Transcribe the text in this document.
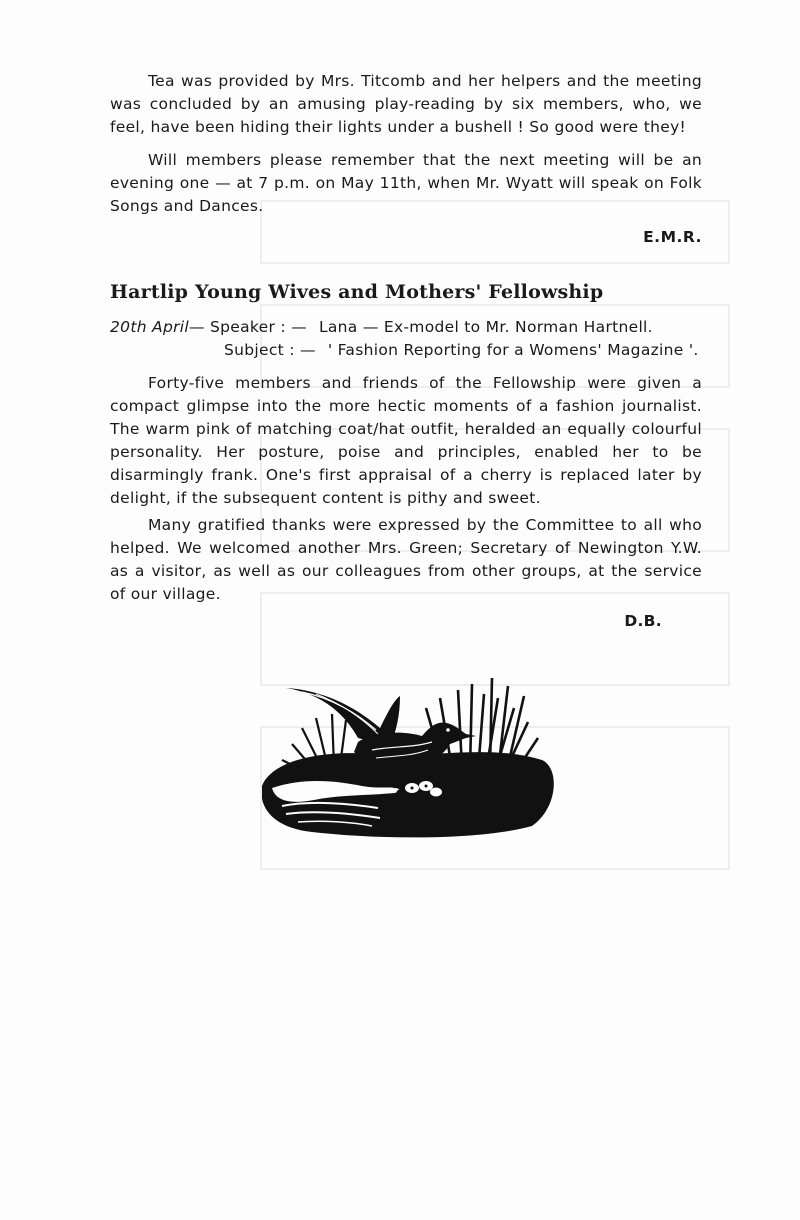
Tea was provided by Mrs. Titcomb and her helpers and the meeting was concluded by an amusing play-reading by six members, who, we feel, have been hiding their lights under a bushell ! So good were they!

Will members please remember that the next meeting will be an evening one — at 7 p.m. on May 11th, when Mr. Wyatt will speak on Folk Songs and Dances.

E.M.R.

Hartlip Young Wives and Mothers' Fellowship
20th April — Speaker : — Lana — Ex-model to Mr. Norman Hartnell.
Subject : — ' Fashion Reporting for a Womens' Magazine '.

Forty-five members and friends of the Fellowship were given a compact glimpse into the more hectic moments of a fashion journalist. The warm pink of matching coat/hat outfit, heralded an equally colourful personality. Her posture, poise and principles, enabled her to be disarmingly frank. One's first appraisal of a cherry is replaced later by delight, if the subsequent content is pithy and sweet.

Many gratified thanks were expressed by the Committee to all who helped. We welcomed another Mrs. Green; Secretary of Newington Y.W. as a visitor, as well as our colleagues from other groups, at the service of our village.

D.B.
